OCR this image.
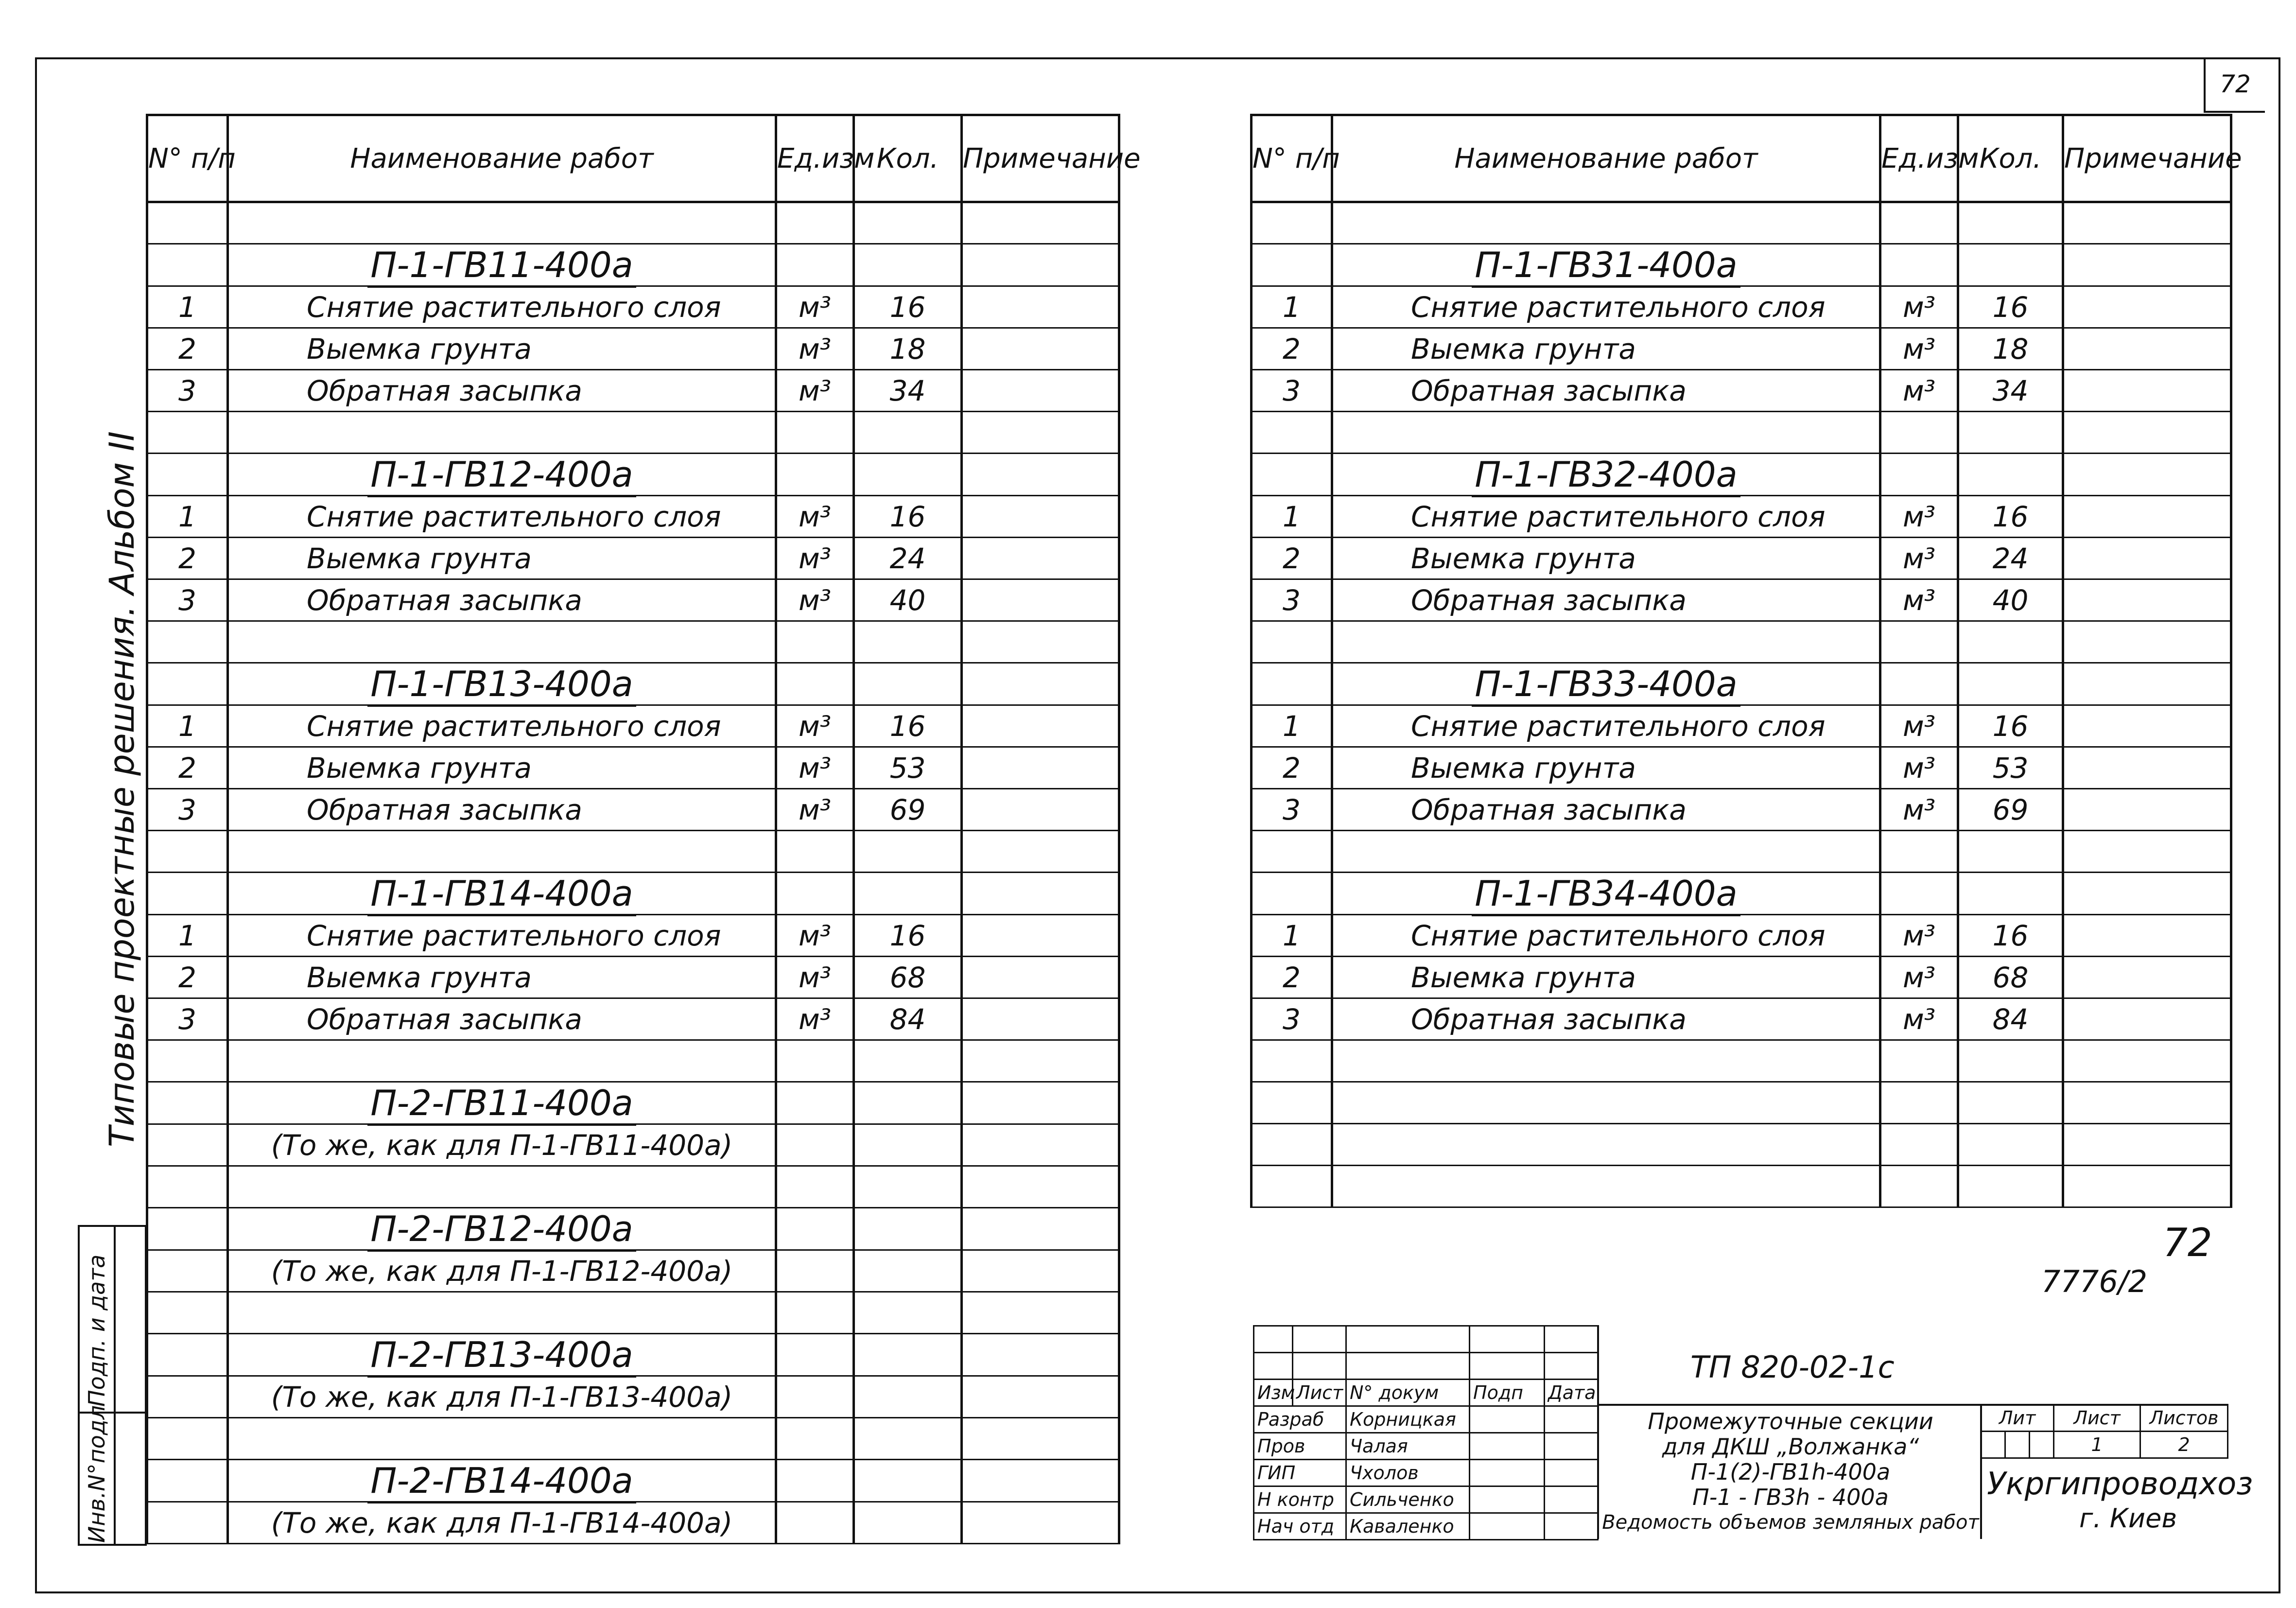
72
N° п/п	Наименование работ	Ед.изм	Кол.	Примечание

	П-1-ГВ11-400а			
1	Снятие растительного слоя	м³	16	
2	Выемка грунта	м³	18	
3	Обратная засыпка	м³	34	

	П-1-ГВ12-400а			
1	Снятие растительного слоя	м³	16	
2	Выемка грунта	м³	24	
3	Обратная засыпка	м³	40	

	П-1-ГВ13-400а			
1	Снятие растительного слоя	м³	16	
2	Выемка грунта	м³	53	
3	Обратная засыпка	м³	69	

	П-1-ГВ14-400а			
1	Снятие растительного слоя	м³	16	
2	Выемка грунта	м³	68	
3	Обратная засыпка	м³	84	

	П-2-ГВ11-400а			
	(То же, как для П-1-ГВ11-400а)			

	П-2-ГВ12-400а			
	(То же, как для П-1-ГВ12-400а)			

	П-2-ГВ13-400а			
	(То же, как для П-1-ГВ13-400а)			

	П-2-ГВ14-400а			
	(То же, как для П-1-ГВ14-400а)			
N° п/п	Наименование работ	Ед.изм	Кол.	Примечание

	П-1-ГВ31-400а			
1	Снятие растительного слоя	м³	16	
2	Выемка грунта	м³	18	
3	Обратная засыпка	м³	34	

	П-1-ГВ32-400а			
1	Снятие растительного слоя	м³	16	
2	Выемка грунта	м³	24	
3	Обратная засыпка	м³	40	

	П-1-ГВ33-400а			
1	Снятие растительного слоя	м³	16	
2	Выемка грунта	м³	53	
3	Обратная засыпка	м³	69	

	П-1-ГВ34-400а			
1	Снятие растительного слоя	м³	16	
2	Выемка грунта	м³	68	
3	Обратная засыпка	м³	84	

Типовые проектные решения. Альбом II
Подп. и дата
Инв.N°подл
72
7776/2

Изм	Лист	N° докум	Подп	Дата
Разраб		Корницкая		
Пров		Чалая		
ГИП		Чхолов		
Н контр		Сильченко		
Нач отд		Каваленко		
ТП 820-02-1с
Промежуточные секции
для ДКШ „Волжанка“
П-1(2)-ГВ1h-400а
П-1 - ГВ3h - 400а
Ведомость объемов земляных работ
Лит			Лист	Листов
			1	2
Укргипроводхоз
г. Киев
